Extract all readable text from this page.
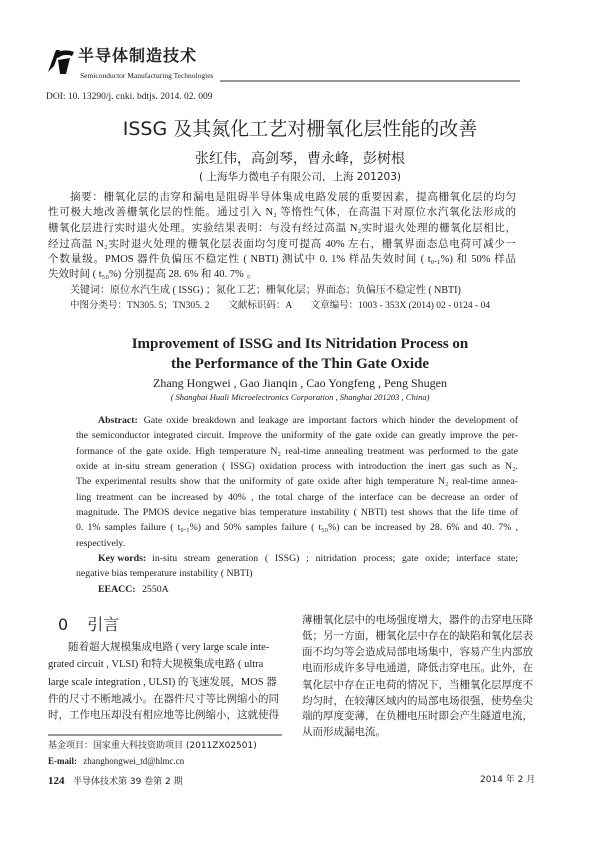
半导体制造技术
Semiconductor Manufacturing Technologies
DOI: 10. 13290/j. cnki. bdtjs. 2014. 02. 009
ISSG 及其氮化工艺对栅氧化层性能的改善
张红伟，高剑琴，曹永峰，彭树根
( 上海华力微电子有限公司，上海 201203)
摘要：栅氧化层的击穿和漏电是阻碍半导体集成电路发展的重要因素，提高栅氧化层的均匀
性可极大地改善栅氧化层的性能。通过引入 N₂ 等惰性气体，在高温下对原位水汽氧化法形成的
栅氧化层进行实时退火处理。实验结果表明：与没有经过高温 N₂实时退火处理的栅氧化层相比，
经过高温 N₂实时退火处理的栅氧化层表面均匀度可提高 40% 左右，栅氧界面态总电荷可减少一
个数量级。PMOS 器件负偏压不稳定性 ( NBTI) 测试中 0. 1% 样品失效时间 ( t₀.₁%) 和 50% 样品
失效时间 ( t₅₀%) 分别提高 28. 6% 和 40. 7% 。
关键词：原位水汽生成 ( ISSG) ；氮化工艺；栅氧化层；界面态；负偏压不稳定性 ( NBTI)
中图分类号：TN305. 5；TN305. 2　　文献标识码：A　　文章编号：1003 - 353X (2014) 02 - 0124 - 04
Improvement of ISSG and Its Nitridation Process on
the Performance of the Thin Gate Oxide
Zhang Hongwei , Gao Jianqin , Cao Yongfeng , Peng Shugen
( Shanghai Huali Microelectronics Corporation , Shanghai 201203 , China)
Abstract: Gate oxide breakdown and leakage are important factors which hinder the development of
the semiconductor integrated circuit. Improve the uniformity of the gate oxide can greatly improve the per-
formance of the gate oxide. High temperature N₂ real-time annealing treatment was performed to the gate
oxide at in-situ stream generation ( ISSG) oxidation process with introduction the inert gas such as N₂.
The experimental results show that the uniformity of gate oxide after high temperature N₂ real-time annea-
ling treatment can be increased by 40% , the total charge of the interface can be decrease an order of
magnitude. The PMOS device negative bias temperature instability ( NBTI) test shows that the life time of
0. 1% samples failure ( t₀.₁%) and 50% samples failure ( t₅₀%) can be increased by 28. 6% and 40. 7% ,
respectively.
Key words: in-situ stream generation ( ISSG) ; nitridation process; gate oxide; interface state;
negative bias temperature instability ( NBTI)
EEACC: 2550A
0 引言
随着超大规模集成电路 ( very large scale inte-
grated circuit , VLSI) 和特大规模集成电路 ( ultra
large scale integration , ULSI) 的飞速发展，MOS 器
件的尺寸不断地减小。在器件尺寸等比例缩小的同
时，工作电压却没有相应地等比例缩小，这就使得
薄栅氧化层中的电场强度增大，器件的击穿电压降
低；另一方面，栅氧化层中存在的缺陷和氧化层表
面不均匀等会造成局部电场集中，容易产生内部放
电而形成许多导电通道，降低击穿电压。此外，在
氧化层中存在正电荷的情况下，当栅氧化层厚度不
均匀时，在较薄区域内的局部电场很强，使势垒尖
端的厚度变薄，在负栅电压时即会产生隧道电流，
从而形成漏电流。
基金项目：国家重大科技资助项目 (2011ZX02501)
E-mail: zhanghongwei_td@hlmc.cn
124 半导体技术第 39 卷第 2 期	2014 年 2 月
